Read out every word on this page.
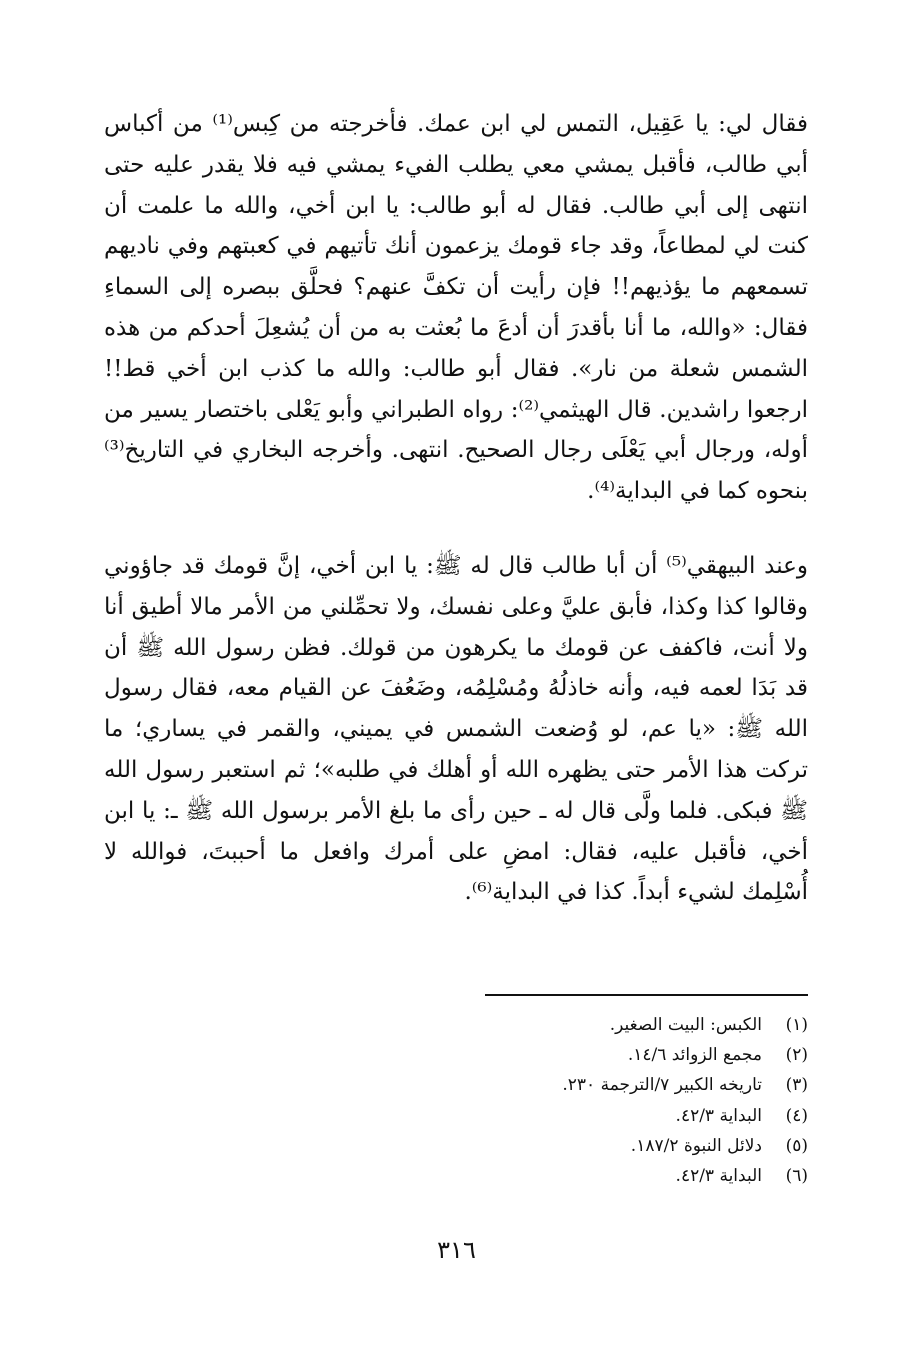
فقال لي: يا عَقِيل، التمس لي ابن عمك. فأخرجته من كِبس⁽¹⁾ من أكباس أبي طالب، فأقبل يمشي معي يطلب الفيء يمشي فيه فلا يقدر عليه حتى انتهى إلى أبي طالب. فقال له أبو طالب: يا ابن أخي، والله ما علمت أن كنت لي لمطاعاً، وقد جاء قومك يزعمون أنك تأتيهم في كعبتهم وفي ناديهم تسمعهم ما يؤذيهم!! فإن رأيت أن تكفَّ عنهم؟ فحلَّق ببصره إلى السماءِ فقال: «والله، ما أنا بأقدرَ أن أدعَ ما بُعثت به من أن يُشعِلَ أحدكم من هذه الشمس شعلة من نار». فقال أبو طالب: والله ما كذب ابن أخي قط!! ارجعوا راشدين. قال الهيثمي⁽²⁾: رواه الطبراني وأبو يَعْلى باختصار يسير من أوله، ورجال أبي يَعْلَى رجال الصحيح. انتهى. وأخرجه البخاري في التاريخ⁽³⁾ بنحوه كما في البداية⁽⁴⁾.

وعند البيهقي⁽⁵⁾ أن أبا طالب قال له ﷺ: يا ابن أخي، إنَّ قومك قد جاؤوني وقالوا كذا وكذا، فأبق عليَّ وعلى نفسك، ولا تحمِّلني من الأمر مالا أطيق أنا ولا أنت، فاكفف عن قومك ما يكرهون من قولك. فظن رسول الله ﷺ أن قد بَدَا لعمه فيه، وأنه خاذلُهُ ومُسْلِمُه، وضَعُفَ عن القيام معه، فقال رسول الله ﷺ: «يا عم، لو وُضعت الشمس في يميني، والقمر في يساري؛ ما تركت هذا الأمر حتى يظهره الله أو أهلك في طلبه»؛ ثم استعبر رسول الله ﷺ فبكى. فلما ولَّى قال له ـ حين رأى ما بلغ الأمر برسول الله ﷺ ـ: يا ابن أخي، فأقبل عليه، فقال: امضِ على أمرك وافعل ما أحببتَ، فوالله لا أُسْلِمك لشيء أبداً. كذا في البداية⁽⁶⁾.

(١)
الكبس: البيت الصغير.
(٢)
مجمع الزوائد ١٤/٦.
(٣)
تاريخه الكبير ٧/الترجمة ٢٣٠.
(٤)
البداية ٤٢/٣.
(٥)
دلائل النبوة ١٨٧/٢.
(٦)
البداية ٤٢/٣.
٣١٦
